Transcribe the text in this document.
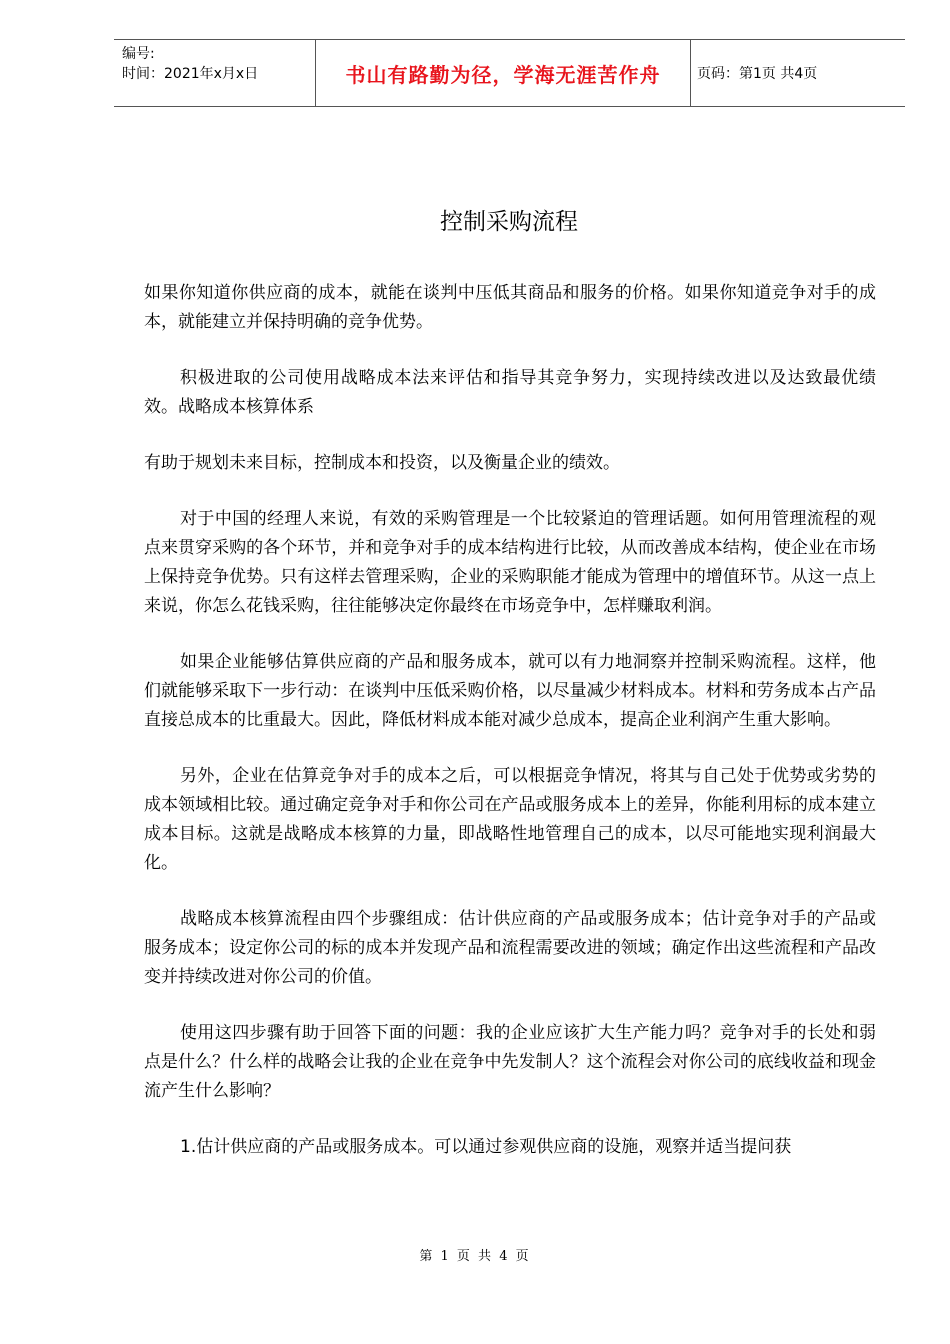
编号:
时间：2021年x月x日	书山有路勤为径，学海无涯苦作舟	页码：第1页 共4页
控制采购流程

如果你知道你供应商的成本，就能在谈判中压低其商品和服务的价格。如果你知道竞争对手的成本，就能建立并保持明确的竞争优势。

积极进取的公司使用战略成本法来评估和指导其竞争努力，实现持续改进以及达致最优绩效。战略成本核算体系

有助于规划未来目标，控制成本和投资，以及衡量企业的绩效。

对于中国的经理人来说，有效的采购管理是一个比较紧迫的管理话题。如何用管理流程的观点来贯穿采购的各个环节，并和竞争对手的成本结构进行比较，从而改善成本结构，使企业在市场上保持竞争优势。只有这样去管理采购，企业的采购职能才能成为管理中的增值环节。从这一点上来说，你怎么花钱采购，往往能够决定你最终在市场竞争中，怎样赚取利润。

如果企业能够估算供应商的产品和服务成本，就可以有力地洞察并控制采购流程。这样，他们就能够采取下一步行动：在谈判中压低采购价格，以尽量减少材料成本。材料和劳务成本占产品直接总成本的比重最大。因此，降低材料成本能对减少总成本，提高企业利润产生重大影响。

另外，企业在估算竞争对手的成本之后，可以根据竞争情况，将其与自己处于优势或劣势的成本领域相比较。通过确定竞争对手和你公司在产品或服务成本上的差异，你能利用标的成本建立成本目标。这就是战略成本核算的力量，即战略性地管理自己的成本，以尽可能地实现利润最大化。

战略成本核算流程由四个步骤组成：估计供应商的产品或服务成本；估计竞争对手的产品或服务成本；设定你公司的标的成本并发现产品和流程需要改进的领域；确定作出这些流程和产品改变并持续改进对你公司的价值。

使用这四步骤有助于回答下面的问题：我的企业应该扩大生产能力吗？竞争对手的长处和弱点是什么？什么样的战略会让我的企业在竞争中先发制人？这个流程会对你公司的底线收益和现金流产生什么影响？

1.估计供应商的产品或服务成本。可以通过参观供应商的设施，观察并适当提问获

第 1 页 共 4 页
